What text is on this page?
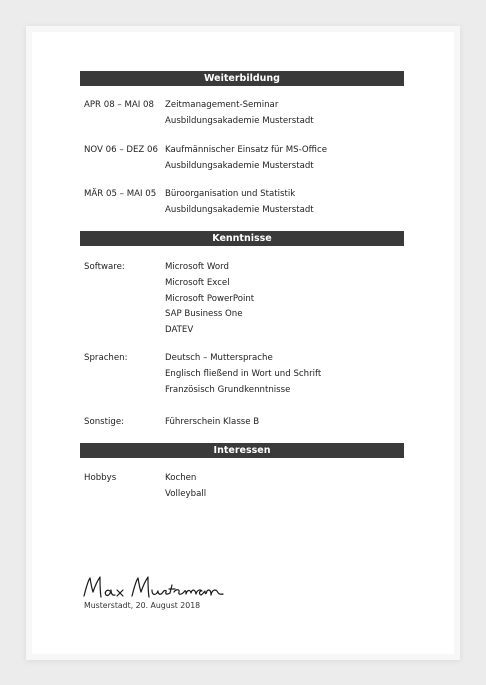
Weiterbildung
APR 08 – MAI 08 Zeitmanagement-Seminar
Ausbildungsakademie Musterstadt
NOV 06 – DEZ 06 Kaufmännischer Einsatz für MS-Office
Ausbildungsakademie Musterstadt
MÄR 05 – MAI 05 Büroorganisation und Statistik
Ausbildungsakademie Musterstadt
Kenntnisse
Software:	Microsoft Word
Microsoft Excel
Microsoft PowerPoint
SAP Business One
DATEV
Sprachen:	Deutsch – Muttersprache
Englisch fließend in Wort und Schrift
Französisch Grundkenntnisse
Sonstige:	Führerschein Klasse B
Interessen
Hobbys	Kochen
Volleyball
Musterstadt, 20. August 2018
